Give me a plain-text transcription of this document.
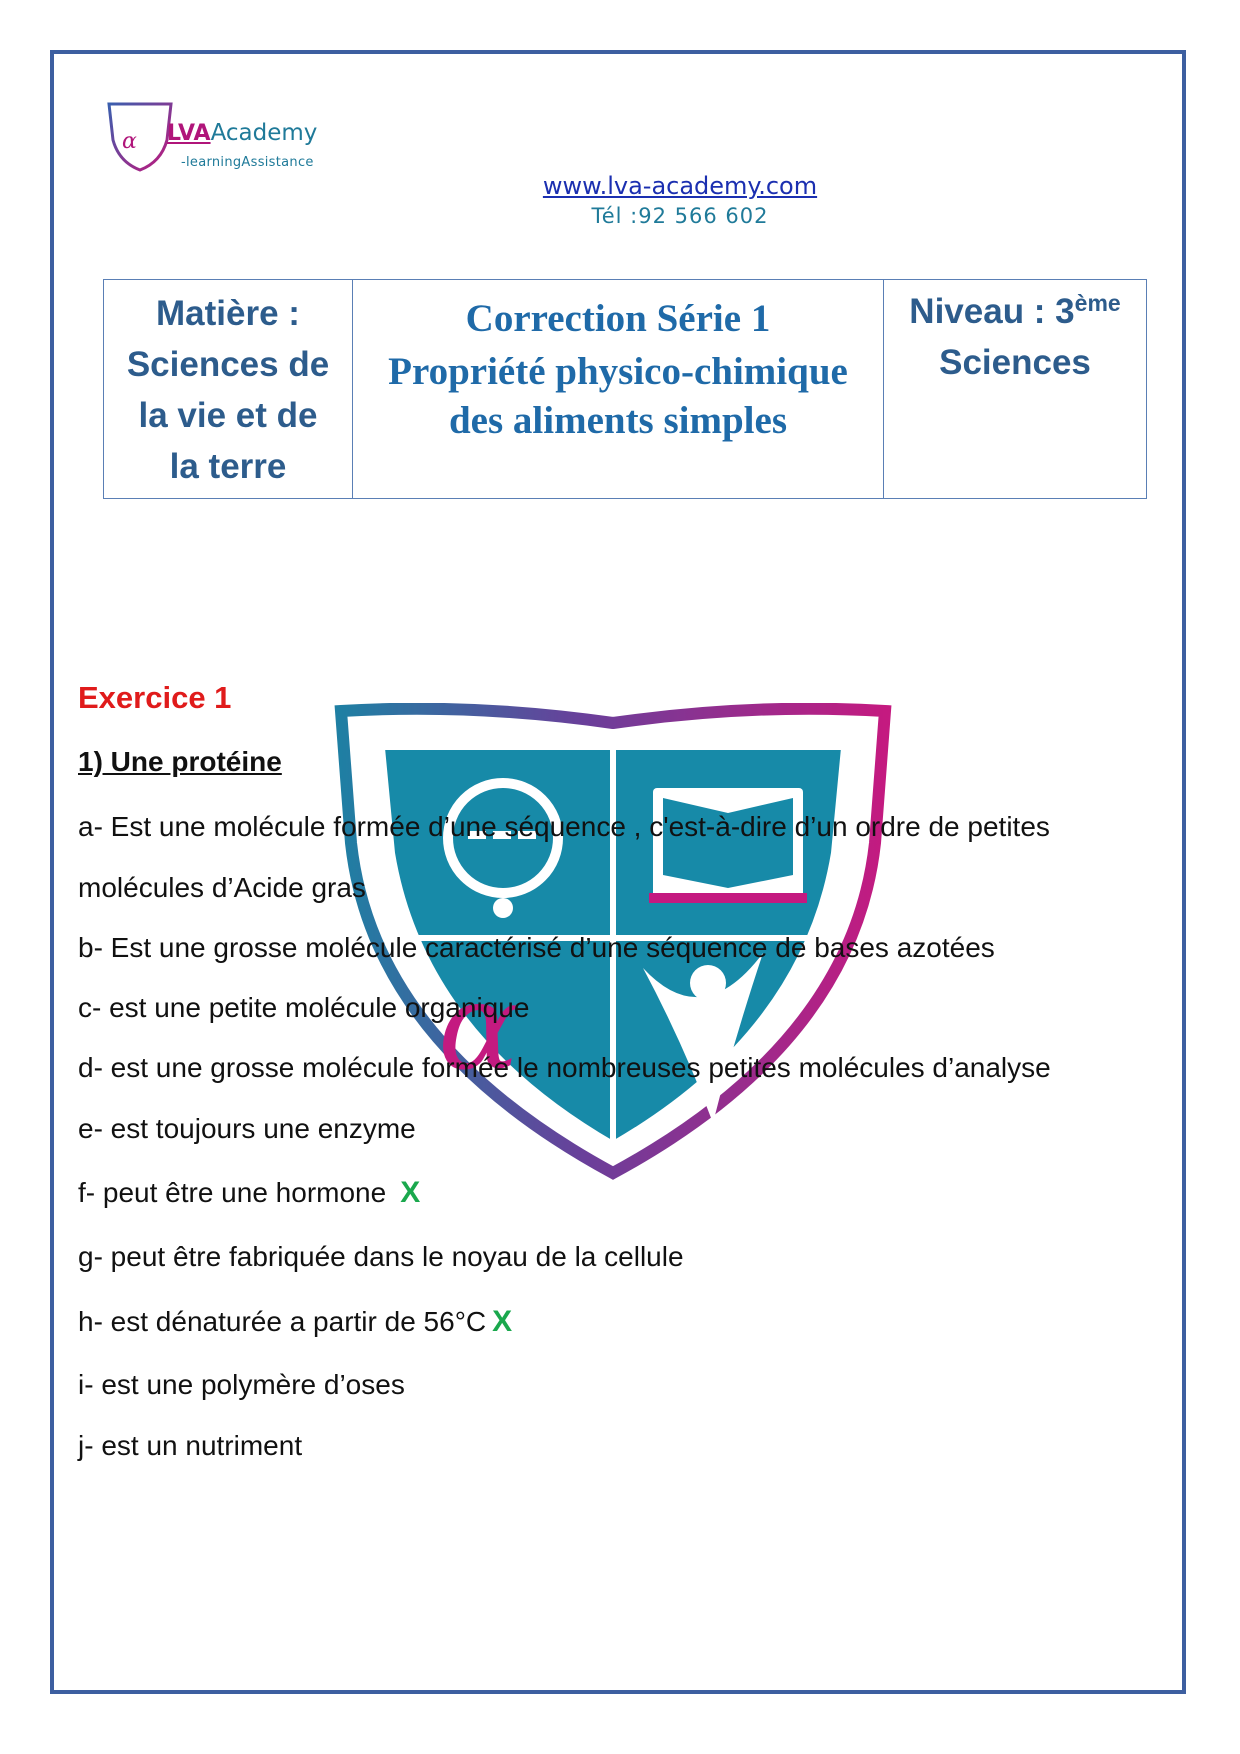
α LVAAcademy
-learningAssistance
www.lva-academy.com
Tél :92 566 602
Matière :
Sciences de
la vie et de
la terre

Correction Série 1
Propriété physico-chimique
des aliments simples

Niveau : 3ème
Sciences
α
Exercice 1
1) Une protéine
a- Est une molécule formée d’une séquence , c'est-à-dire d’un ordre de petites
molécules d’Acide gras
b- Est une grosse molécule caractérisé d’une séquence de bases azotées
c- est une petite molécule organique
d- est une grosse molécule formée le nombreuses petites molécules d’analyse
e- est toujours une enzyme
f- peut être une hormone X
g- peut être fabriquée dans le noyau de la cellule
h- est dénaturée a partir de 56°C X
i- est une polymère d’oses
j- est un nutriment
